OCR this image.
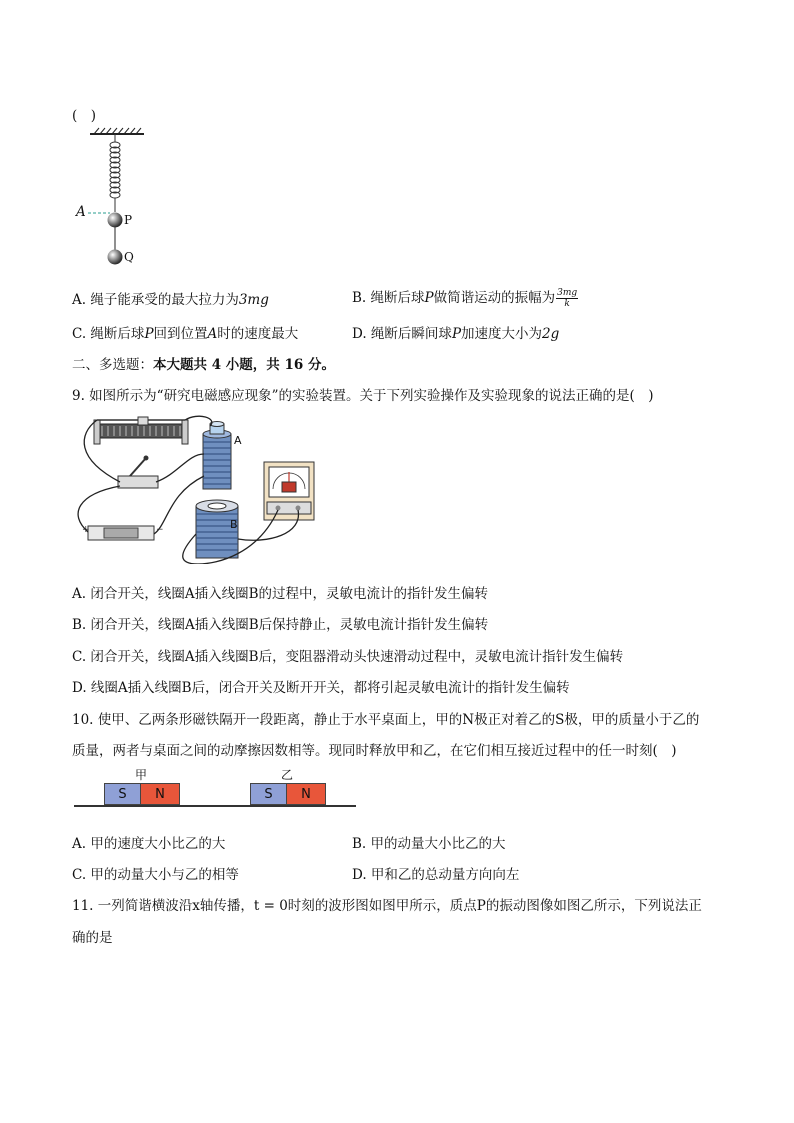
(　)
A	P
Q
A. 绳子能承受的最大拉力为3mg	B. 绳断后球P做简谐运动的振幅为 $\frac{3mg}{k}$
C. 绳断后球P回到位置A时的速度最大	D. 绳断后瞬间球P加速度大小为2g
二、多选题：本大题共 4 小题，共 16 分。
9. 如图所示为“研究电磁感应现象”的实验装置。关于下列实验操作及实验现象的说法正确的是(　)
+	−
A
B
A. 闭合开关，线圈A插入线圈B的过程中，灵敏电流计的指针发生偏转
B. 闭合开关，线圈A插入线圈B后保持静止，灵敏电流计指针发生偏转
C. 闭合开关，线圈A插入线圈B后，变阻器滑动头快速滑动过程中，灵敏电流计指针发生偏转
D. 线圈A插入线圈B后，闭合开关及断开开关，都将引起灵敏电流计的指针发生偏转
10. 使甲、乙两条形磁铁隔开一段距离，静止于水平桌面上，甲的N极正对着乙的S极，甲的质量小于乙的
质量，两者与桌面之间的动摩擦因数相等。现同时释放甲和乙，在它们相互接近过程中的任一时刻(　)
甲	乙
S	N	S	N
A. 甲的速度大小比乙的大	B. 甲的动量大小比乙的大
C. 甲的动量大小与乙的相等	D. 甲和乙的总动量方向向左
11. 一列简谐横波沿x轴传播，t = 0时刻的波形图如图甲所示，质点P的振动图像如图乙所示，下列说法正
确的是
